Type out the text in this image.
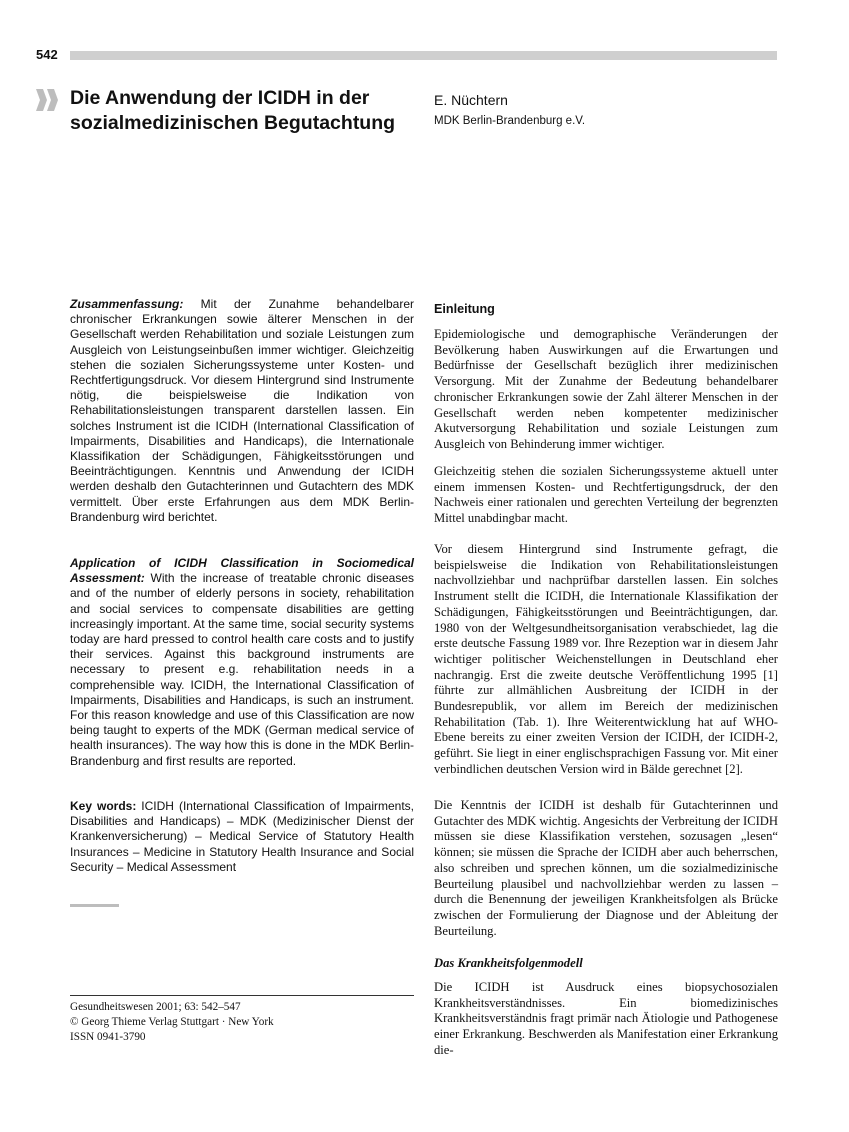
542
Die Anwendung der ICIDH in der
sozialmedizinischen Begutachtung
E. Nüchtern
MDK Berlin-Brandenburg e.V.

Zusammenfassung: Mit der Zunahme behandelbarer chronischer Erkrankungen sowie älterer Menschen in der Gesellschaft werden Rehabilitation und soziale Leistungen zum Ausgleich von Leistungseinbußen immer wichtiger. Gleichzeitig stehen die sozialen Sicherungssysteme unter Kosten- und Rechtfertigungsdruck. Vor diesem Hintergrund sind Instrumente nötig, die beispielsweise die Indikation von Rehabilitationsleistungen transparent darstellen lassen. Ein solches Instrument ist die ICIDH (International Classification of Impairments, Disabilities and Handicaps), die Internationale Klassifikation der Schädigungen, Fähigkeitsstörungen und Beeinträchtigungen. Kenntnis und Anwendung der ICIDH werden deshalb den Gutachterinnen und Gutachtern des MDK vermittelt. Über erste Erfahrungen aus dem MDK Berlin-Brandenburg wird berichtet.

Application of ICIDH Classification in Sociomedical Assessment: With the increase of treatable chronic diseases and of the number of elderly persons in society, rehabilitation and social services to compensate disabilities are getting increasingly important. At the same time, social security systems today are hard pressed to control health care costs and to justify their services. Against this background instruments are necessary to present e.g. rehabilitation needs in a comprehensible way. ICIDH, the International Classification of Impairments, Disabilities and Handicaps, is such an instrument. For this reason knowledge and use of this Classification are now being taught to experts of the MDK (German medical service of health insurances). The way how this is done in the MDK Berlin-Brandenburg and first results are reported.

Key words: ICIDH (International Classification of Impairments, Disabilities and Handicaps) – MDK (Medizinischer Dienst der Krankenversicherung) – Medical Service of Statutory Health Insurances – Medicine in Statutory Health Insurance and Social Security – Medical Assessment

Gesundheitswesen 2001; 63: 542–547
© Georg Thieme Verlag Stuttgart · New York
ISSN 0941-3790
Einleitung

Epidemiologische und demographische Veränderungen der Bevölkerung haben Auswirkungen auf die Erwartungen und Bedürfnisse der Gesellschaft bezüglich ihrer medizinischen Versorgung. Mit der Zunahme der Bedeutung behandelbarer chronischer Erkrankungen sowie der Zahl älterer Menschen in der Gesellschaft werden neben kompetenter medizinischer Akutversorgung Rehabilitation und soziale Leistungen zum Ausgleich von Behinderung immer wichtiger.

Gleichzeitig stehen die sozialen Sicherungssysteme aktuell unter einem immensen Kosten- und Rechtfertigungsdruck, der den Nachweis einer rationalen und gerechten Verteilung der begrenzten Mittel unabdingbar macht.

Vor diesem Hintergrund sind Instrumente gefragt, die beispielsweise die Indikation von Rehabilitationsleistungen nachvollziehbar und nachprüfbar darstellen lassen. Ein solches Instrument stellt die ICIDH, die Internationale Klassifikation der Schädigungen, Fähigkeitsstörungen und Beeinträchtigungen, dar. 1980 von der Weltgesundheitsorganisation verabschiedet, lag die erste deutsche Fassung 1989 vor. Ihre Rezeption war in diesem Jahr wichtiger politischer Weichenstellungen in Deutschland eher nachrangig. Erst die zweite deutsche Veröffentlichung 1995 [1] führte zur allmählichen Ausbreitung der ICIDH in der Bundesrepublik, vor allem im Bereich der medizinischen Rehabilitation (Tab. 1). Ihre Weiterentwicklung hat auf WHO-Ebene bereits zu einer zweiten Version der ICIDH, der ICIDH-2, geführt. Sie liegt in einer englischsprachigen Fassung vor. Mit einer verbindlichen deutschen Version wird in Bälde gerechnet [2].

Die Kenntnis der ICIDH ist deshalb für Gutachterinnen und Gutachter des MDK wichtig. Angesichts der Verbreitung der ICIDH müssen sie diese Klassifikation verstehen, sozusagen „lesen“ können; sie müssen die Sprache der ICIDH aber auch beherrschen, also schreiben und sprechen können, um die sozialmedizinische Beurteilung plausibel und nachvollziehbar werden zu lassen – durch die Benennung der jeweiligen Krankheitsfolgen als Brücke zwischen der Formulierung der Diagnose und der Ableitung der Beurteilung.

Das Krankheitsfolgenmodell

Die ICIDH ist Ausdruck eines biopsychosozialen Krankheitsverständnisses. Ein biomedizinisches Krankheitsverständnis fragt primär nach Ätiologie und Pathogenese einer Erkrankung. Beschwerden als Manifestation einer Erkrankung die-
